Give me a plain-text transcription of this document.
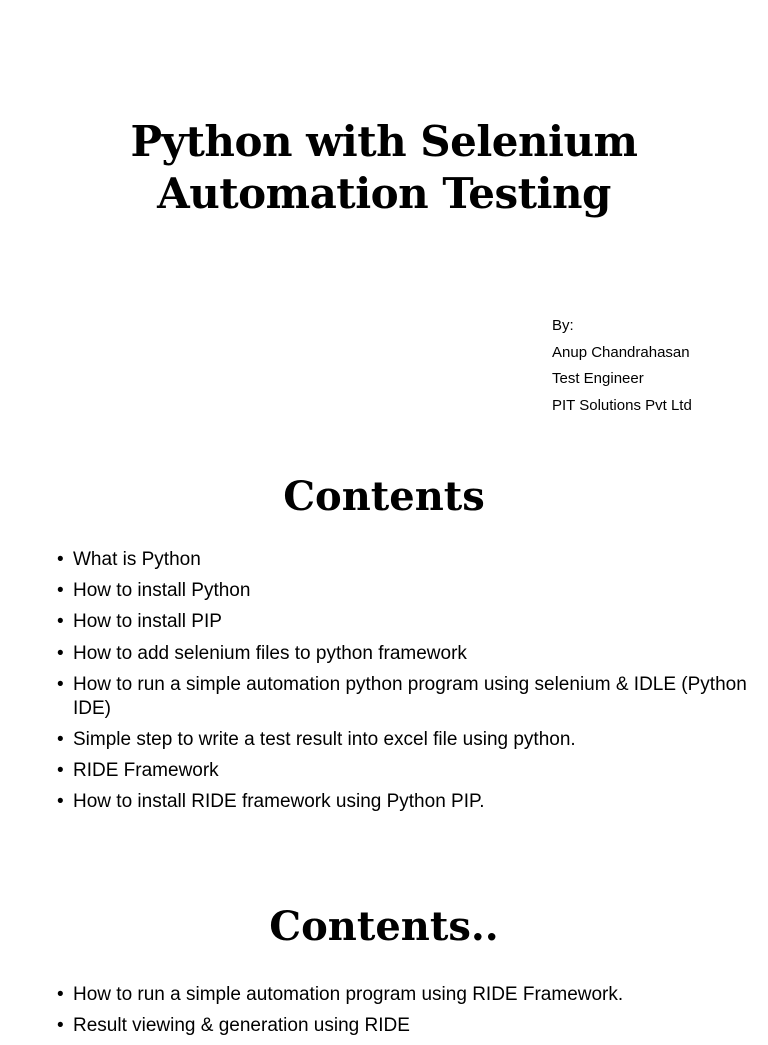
Python with Selenium
Automation Testing
By:
Anup Chandrahasan
Test Engineer
PIT Solutions Pvt Ltd
Contents
• What is Python
• How to install Python
• How to install PIP
• How to add selenium files to python framework
• How to run a simple automation python program using selenium & IDLE (Python IDE)
• Simple step to write a test result into excel file using python.
• RIDE Framework
• How to install RIDE framework using Python PIP.
Contents..
• How to run a simple automation program using RIDE Framework.
• Result viewing & generation using RIDE
